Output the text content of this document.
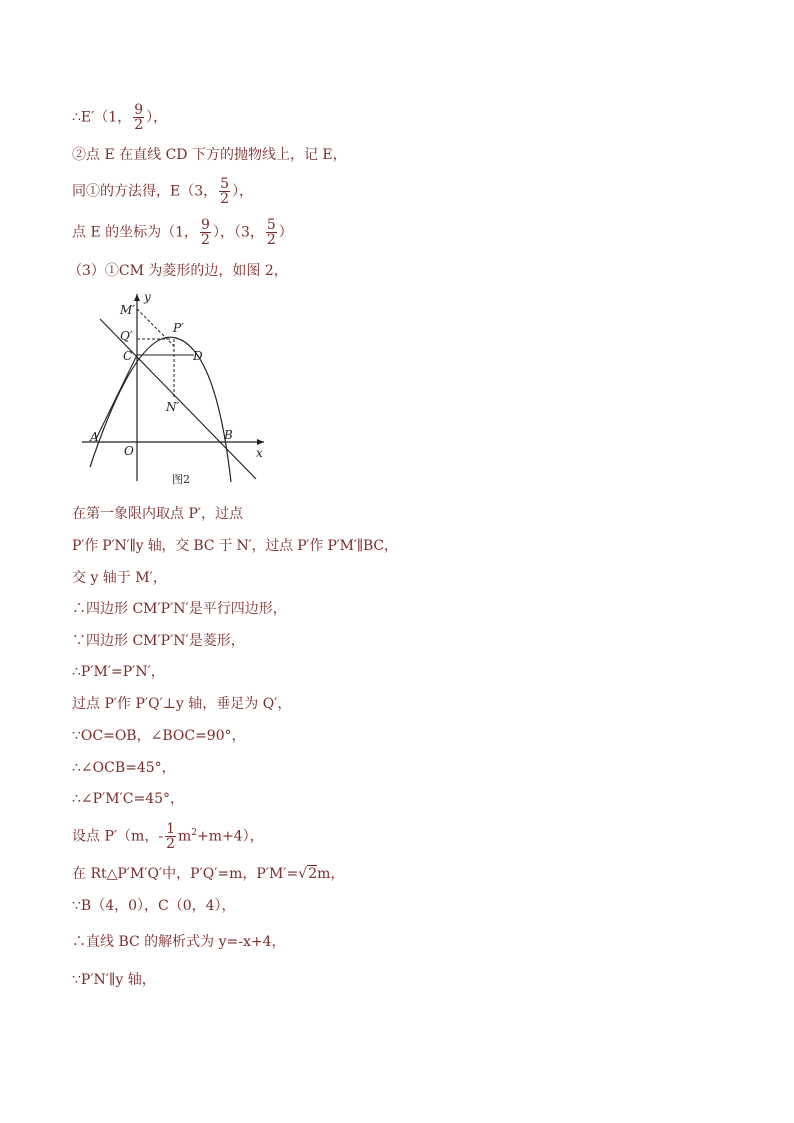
∴E′（1， $\frac{9}{2}$ ），
②点 E 在直线 CD 下方的抛物线上，记 E，
同①的方法得，E（3， $\frac{5}{2}$ ），
点 E 的坐标为（1， $\frac{9}{2}$ ），（3， $\frac{5}{2}$ ）
（3）①CM 为菱形的边，如图 2，
y
x
M′
Q′
P′
C	D
N′
A
O
B
图2
在第一象限内取点 P′，过点
P′作 P′N′∥y 轴，交 BC 于 N′，过点 P′作 P′M′∥BC，
交 y 轴于 M′，
∴四边形 CM′P′N′是平行四边形，
∵四边形 CM′P′N′是菱形，
∴P′M′=P′N′，
过点 P′作 P′Q′⊥y 轴，垂足为 Q′，
∵OC=OB，∠BOC=90°，
∴∠OCB=45°，
∴∠P′M′C=45°，
设点 P′（m，- $\frac{1}{2} m^2+m+4$），
在 Rt△P′M′Q′中，P′Q′=m，P′M′=√2m，
∵B（4，0），C（0，4），
∴直线 BC 的解析式为 y=-x+4，
∵P′N′∥y 轴，
